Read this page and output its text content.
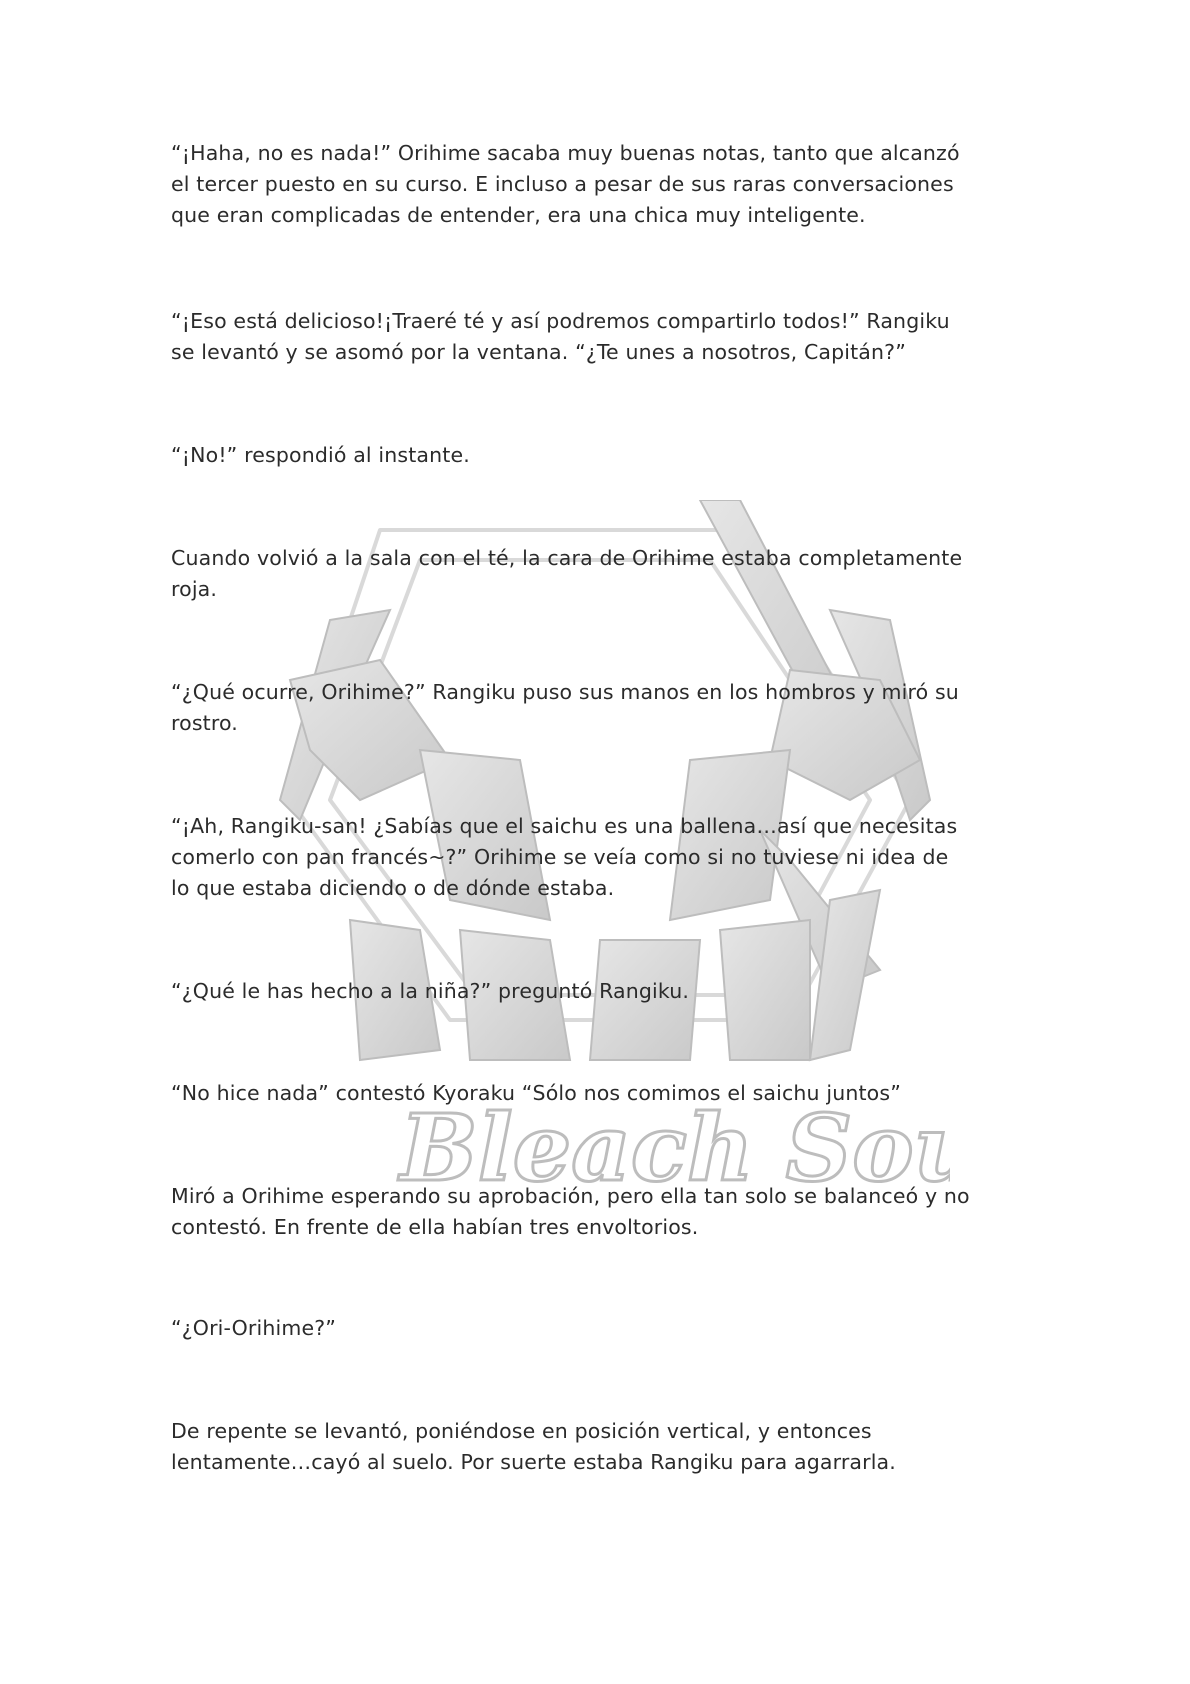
Bleach So

“¡Haha, no es nada!” Orihime sacaba muy buenas notas, tanto que alcanzó
el tercer puesto en su curso. E incluso a pesar de sus raras conversaciones
que eran complicadas de entender, era una chica muy inteligente.

“¡Eso está delicioso!¡Traeré té y así podremos compartirlo todos!” Rangiku
se levantó y se asomó por la ventana. “¿Te unes a nosotros, Capitán?”

“¡No!” respondió al instante.

Cuando volvió a la sala con el té, la cara de Orihime estaba completamente
roja.

“¿Qué ocurre, Orihime?” Rangiku puso sus manos en los hombros y miró su
rostro.

“¡Ah, Rangiku-san! ¿Sabías que el saichu es una ballena…así que necesitas
comerlo con pan francés~?” Orihime se veía como si no tuviese ni idea de
lo que estaba diciendo o de dónde estaba.

“¿Qué le has hecho a la niña?” preguntó Rangiku.

“No hice nada” contestó Kyoraku “Sólo nos comimos el saichu juntos”

Miró a Orihime esperando su aprobación, pero ella tan solo se balanceó y no
contestó. En frente de ella habían tres envoltorios.

“¿Ori-Orihime?”

De repente se levantó, poniéndose en posición vertical, y entonces
lentamente…cayó al suelo. Por suerte estaba Rangiku para agarrarla.
